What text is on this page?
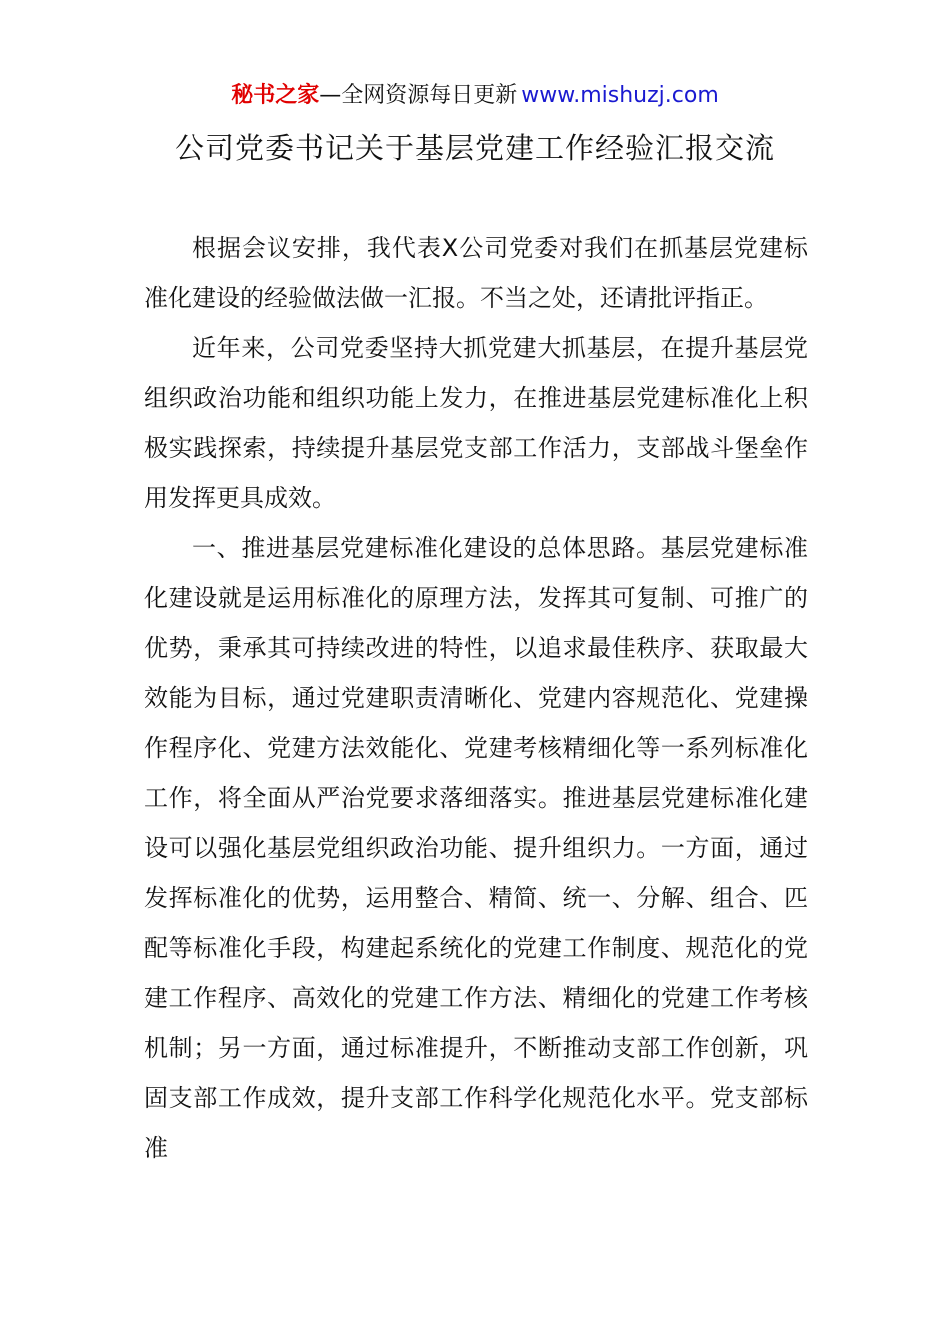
秘书之家—全网资源每日更新 www.mishuzj.com
公司党委书记关于基层党建工作经验汇报交流

根据会议安排，我代表X公司党委对我们在抓基层党建标准化建设的经验做法做一汇报。不当之处，还请批评指正。

近年来，公司党委坚持大抓党建大抓基层，在提升基层党组织政治功能和组织功能上发力，在推进基层党建标准化上积极实践探索，持续提升基层党支部工作活力，支部战斗堡垒作用发挥更具成效。

一、推进基层党建标准化建设的总体思路。基层党建标准化建设就是运用标准化的原理方法，发挥其可复制、可推广的优势，秉承其可持续改进的特性，以追求最佳秩序、获取最大效能为目标，通过党建职责清晰化、党建内容规范化、党建操作程序化、党建方法效能化、党建考核精细化等一系列标准化工作，将全面从严治党要求落细落实。推进基层党建标准化建设可以强化基层党组织政治功能、提升组织力。一方面，通过发挥标准化的优势，运用整合、精简、统一、分解、组合、匹配等标准化手段，构建起系统化的党建工作制度、规范化的党建工作程序、高效化的党建工作方法、精细化的党建工作考核机制；另一方面，通过标准提升，不断推动支部工作创新，巩固支部工作成效，提升支部工作科学化规范化水平。党支部标准
